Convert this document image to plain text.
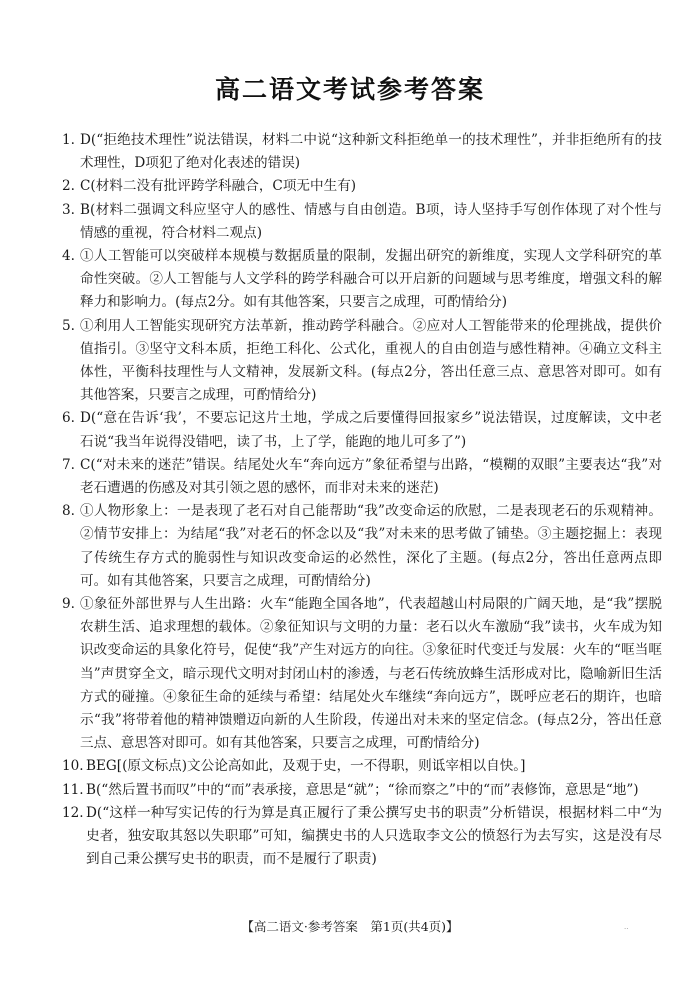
高二语文考试参考答案
1. D(“拒绝技术理性”说法错误，材料二中说“这种新文科拒绝单一的技术理性”，并非拒绝所有的技术理性，D项犯了绝对化表述的错误)
2. C(材料二没有批评跨学科融合，C项无中生有)
3. B(材料二强调文科应坚守人的感性、情感与自由创造。B项，诗人坚持手写创作体现了对个性与情感的重视，符合材料二观点)
4. ①人工智能可以突破样本规模与数据质量的限制，发掘出研究的新维度，实现人文学科研究的革命性突破。②人工智能与人文学科的跨学科融合可以开启新的问题域与思考维度，增强文科的解释力和影响力。(每点2分。如有其他答案，只要言之成理，可酌情给分)
5. ①利用人工智能实现研究方法革新，推动跨学科融合。②应对人工智能带来的伦理挑战，提供价值指引。③坚守文科本质，拒绝工科化、公式化，重视人的自由创造与感性精神。④确立文科主体性，平衡科技理性与人文精神，发展新文科。(每点2分，答出任意三点、意思答对即可。如有其他答案，只要言之成理，可酌情给分)
6. D(“意在告诉‘我’，不要忘记这片土地，学成之后要懂得回报家乡”说法错误，过度解读，文中老石说“我当年说得没错吧，读了书，上了学，能跑的地儿可多了”)
7. C(“对未来的迷茫”错误。结尾处火车“奔向远方”象征希望与出路，“模糊的双眼”主要表达“我”对老石遭遇的伤感及对其引领之恩的感怀，而非对未来的迷茫)
8. ①人物形象上：一是表现了老石对自己能帮助“我”改变命运的欣慰，二是表现老石的乐观精神。②情节安排上：为结尾“我”对老石的怀念以及“我”对未来的思考做了铺垫。③主题挖掘上：表现了传统生存方式的脆弱性与知识改变命运的必然性，深化了主题。(每点2分，答出任意两点即可。如有其他答案，只要言之成理，可酌情给分)
9. ①象征外部世界与人生出路：火车“能跑全国各地”，代表超越山村局限的广阔天地，是“我”摆脱农耕生活、追求理想的载体。②象征知识与文明的力量：老石以火车激励“我”读书，火车成为知识改变命运的具象化符号，促使“我”产生对远方的向往。③象征时代变迁与发展：火车的“哐当哐当”声贯穿全文，暗示现代文明对封闭山村的渗透，与老石传统放蜂生活形成对比，隐喻新旧生活方式的碰撞。④象征生命的延续与希望：结尾处火车继续“奔向远方”，既呼应老石的期许，也暗示“我”将带着他的精神馈赠迈向新的人生阶段，传递出对未来的坚定信念。(每点2分，答出任意三点、意思答对即可。如有其他答案，只要言之成理，可酌情给分)
10. BEG[(原文标点)文公论高如此，及观于史，一不得职，则诋宰相以自快。]
11. B(“然后置书而叹”中的“而”表承接，意思是“就”；“徐而察之”中的“而”表修饰，意思是“地”)
12. D(“这样一种写实记传的行为算是真正履行了秉公撰写史书的职责”分析错误，根据材料二中“为史者，独安取其怒以失职耶”可知，编撰史书的人只选取李文公的愤怒行为去写实，这是没有尽到自己秉公撰写史书的职责，而不是履行了职责)
【高二语文·参考答案　第1页(共4页)】	..
